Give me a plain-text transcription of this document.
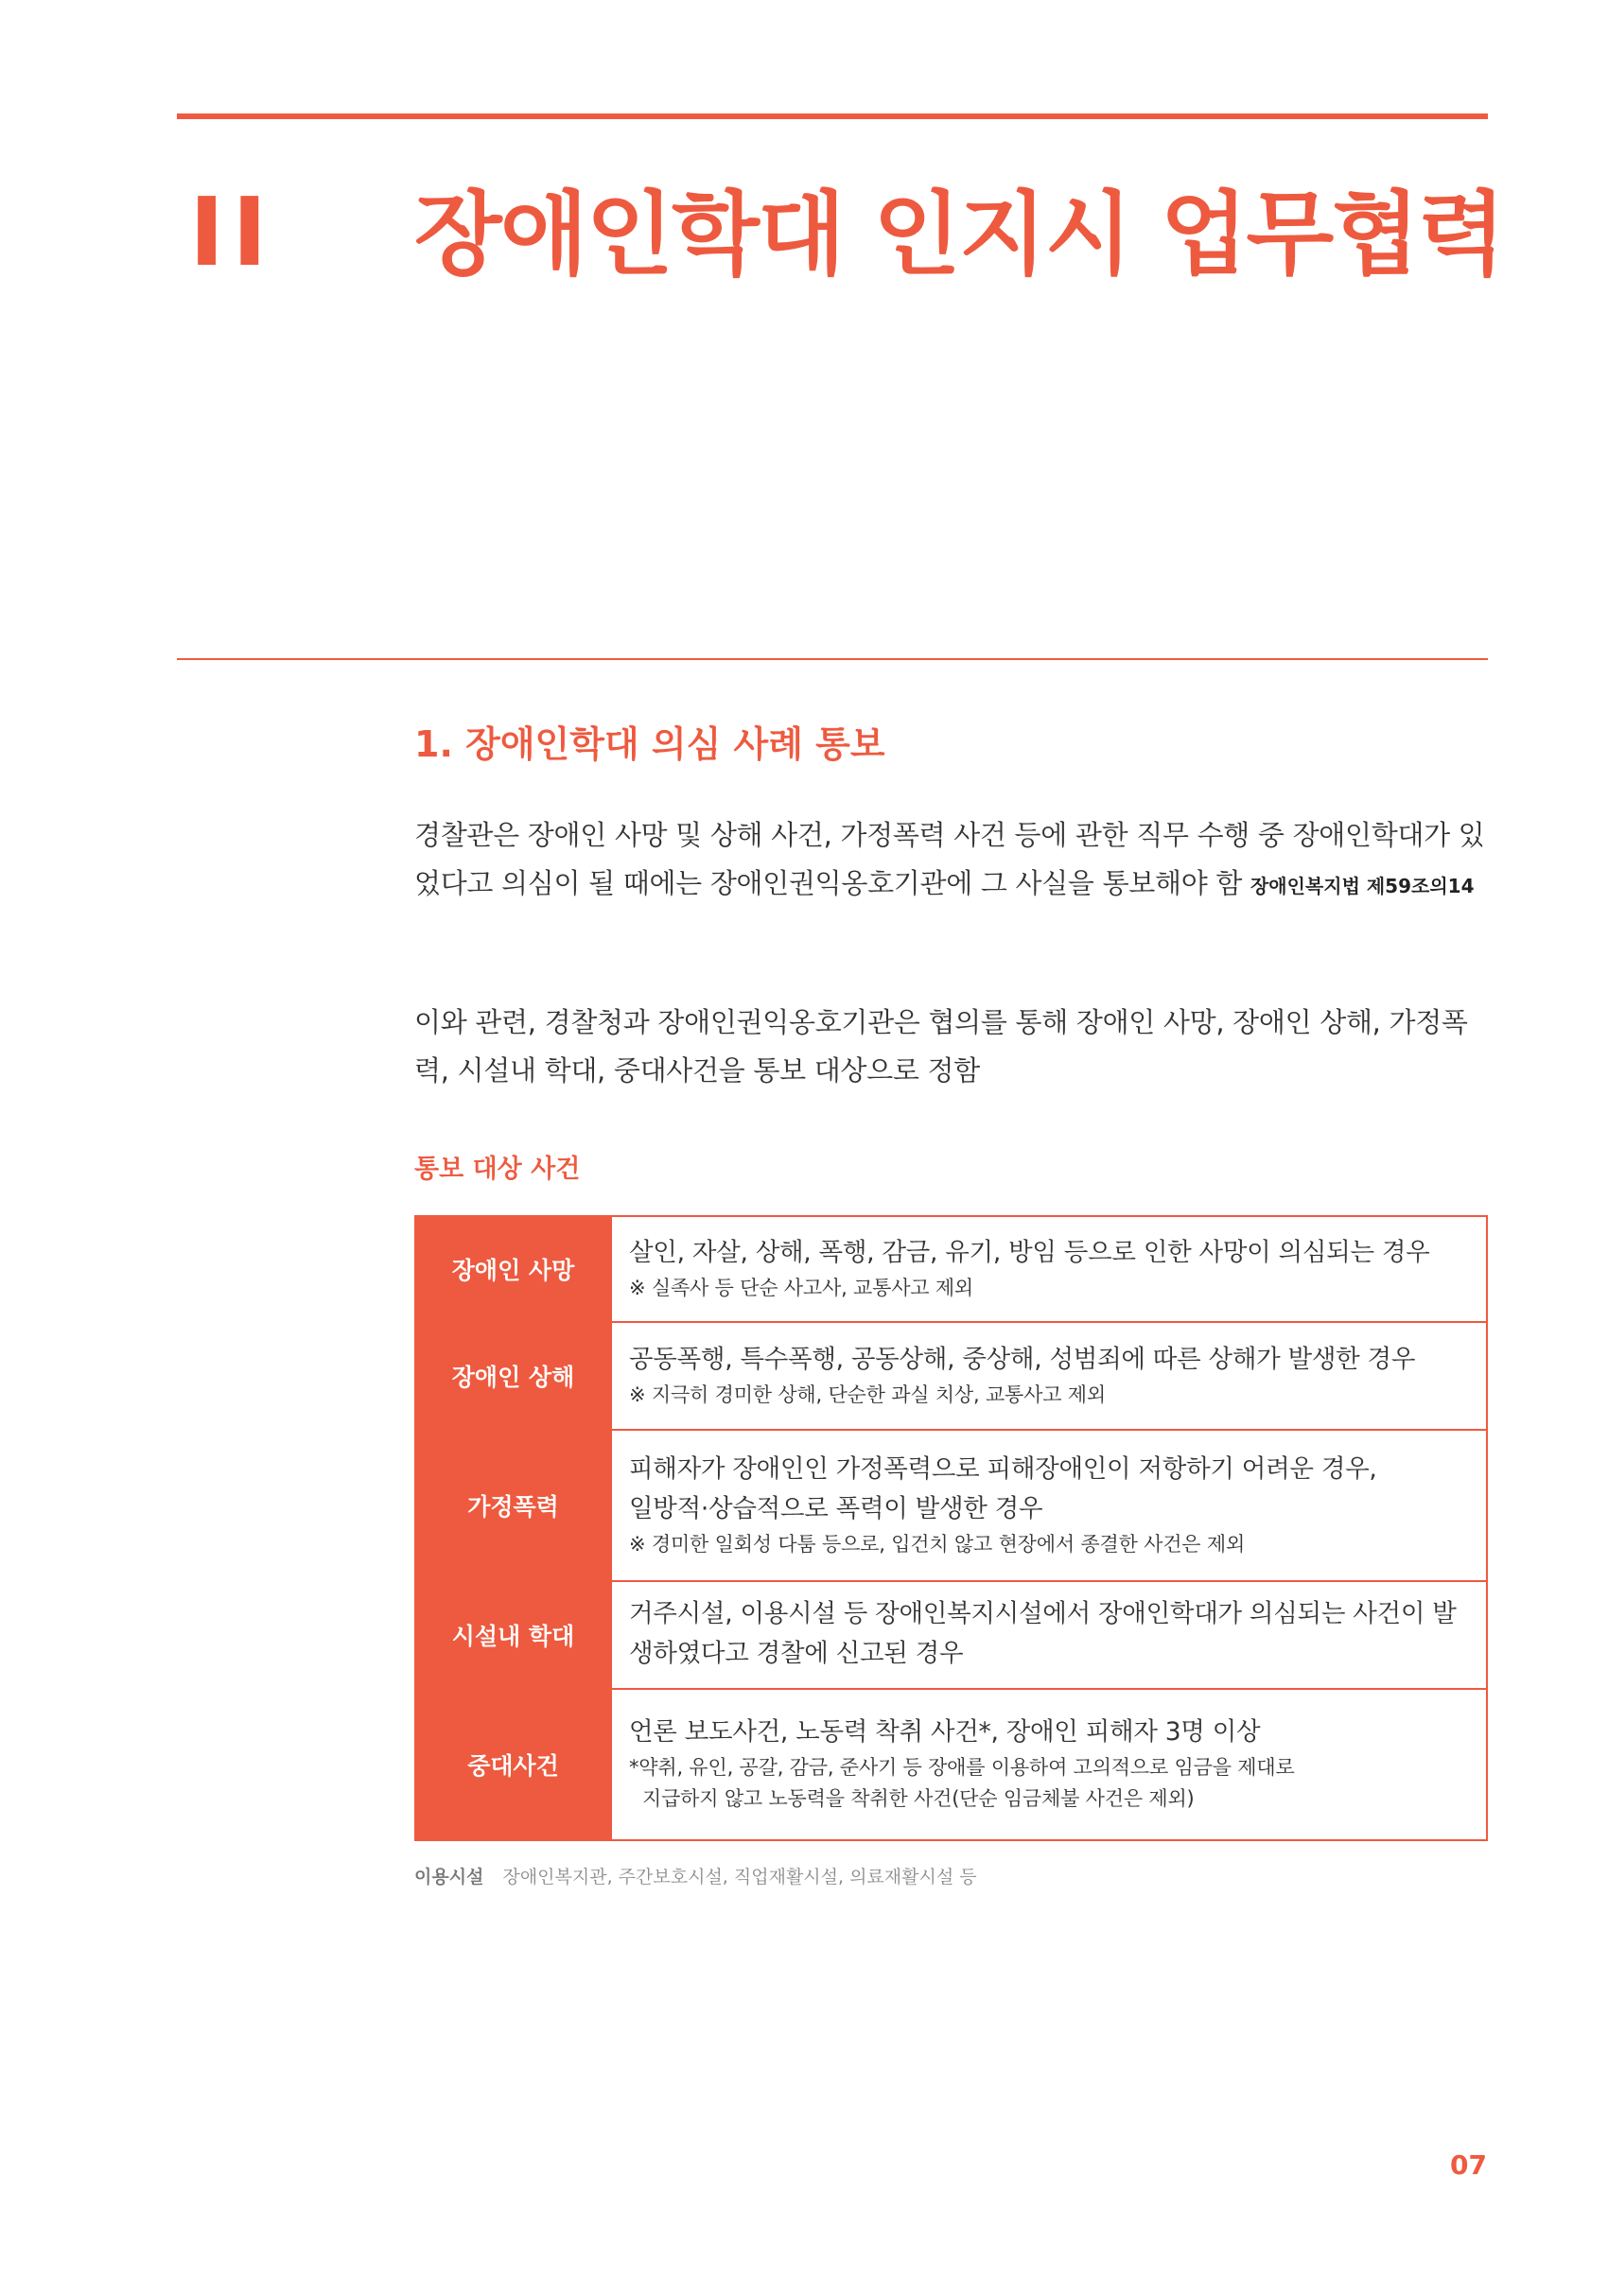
II 장애인학대 인지시 업무협력
1. 장애인학대 의심 사례 통보
경찰관은 장애인 사망 및 상해 사건, 가정폭력 사건 등에 관한 직무 수행 중 장애인학대가 있었다고 의심이 될 때에는 장애인권익옹호기관에 그 사실을 통보해야 함 장애인복지법 제59조의14
이와 관련, 경찰청과 장애인권익옹호기관은 협의를 통해 장애인 사망, 장애인 상해, 가정폭력, 시설내 학대, 중대사건을 통보 대상으로 정함
통보 대상 사건
장애인 사망	살인, 자살, 상해, 폭행, 감금, 유기, 방임 등으로 인한 사망이 의심되는 경우
※ 실족사 등 단순 사고사, 교통사고 제외

장애인 상해	공동폭행, 특수폭행, 공동상해, 중상해, 성범죄에 따른 상해가 발생한 경우
※ 지극히 경미한 상해, 단순한 과실 치상, 교통사고 제외

가정폭력	피해자가 장애인인 가정폭력으로 피해장애인이 저항하기 어려운 경우,
일방적·상습적으로 폭력이 발생한 경우
※ 경미한 일회성 다툼 등으로, 입건치 않고 현장에서 종결한 사건은 제외

시설내 학대	거주시설, 이용시설 등 장애인복지시설에서 장애인학대가 의심되는 사건이 발
생하였다고 경찰에 신고된 경우

중대사건	언론 보도사건, 노동력 착취 사건*, 장애인 피해자 3명 이상
*약취, 유인, 공갈, 감금, 준사기 등 장애를 이용하여 고의적으로 임금을 제대로
지급하지 않고 노동력을 착취한 사건(단순 임금체불 사건은 제외)
이용시설 장애인복지관, 주간보호시설, 직업재활시설, 의료재활시설 등
07
